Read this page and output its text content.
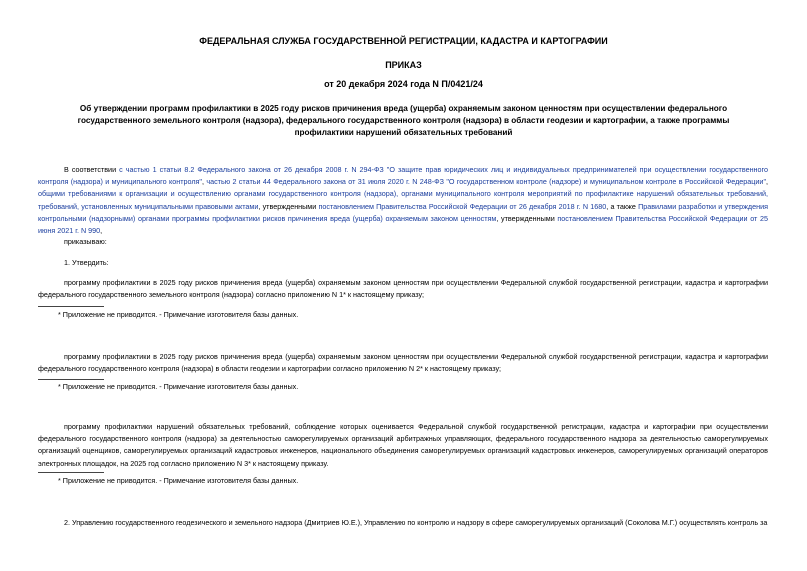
ФЕДЕРАЛЬНАЯ СЛУЖБА ГОСУДАРСТВЕННОЙ РЕГИСТРАЦИИ, КАДАСТРА И КАРТОГРАФИИ
ПРИКАЗ
от 20 декабря 2024 года N П/0421/24
Об утверждении программ профилактики в 2025 году рисков причинения вреда (ущерба) охраняемым законом ценностям при осуществлении федерального
государственного земельного контроля (надзора), федерального государственного контроля (надзора) в области геодезии и картографии, а также программы
профилактики нарушений обязательных требований
В соответствии с частью 1 статьи 8.2 Федерального закона от 26 декабря 2008 г. N 294-ФЗ "О защите прав юридических лиц и индивидуальных предпринимателей при осуществлении государственного контроля (надзора) и муниципального контроля", частью 2 статьи 44 Федерального закона от 31 июля 2020 г. N 248-ФЗ "О государственном контроле (надзоре) и муниципальном контроле в Российской Федерации", общими требованиями к организации и осуществлению органами государственного контроля (надзора), органами муниципального контроля мероприятий по профилактике нарушений обязательных требований, требований, установленных муниципальными правовыми актами, утвержденными постановлением Правительства Российской Федерации от 26 декабря 2018 г. N 1680, а также Правилами разработки и утверждения контрольными (надзорными) органами программы профилактики рисков причинения вреда (ущерба) охраняемым законом ценностям, утвержденными постановлением Правительства Российской Федерации от 25 июня 2021 г. N 990,
приказываю:
1. Утвердить:
программу профилактики в 2025 году рисков причинения вреда (ущерба) охраняемым законом ценностям при осуществлении Федеральной службой государственной регистрации, кадастра и картографии федерального государственного земельного контроля (надзора) согласно приложению N 1* к настоящему приказу;
* Приложение не приводится. - Примечание изготовителя базы данных.
программу профилактики в 2025 году рисков причинения вреда (ущерба) охраняемым законом ценностям при осуществлении Федеральной службой государственной регистрации, кадастра и картографии федерального государственного контроля (надзора) в области геодезии и картографии согласно приложению N 2* к настоящему приказу;
* Приложение не приводится. - Примечание изготовителя базы данных.
программу профилактики нарушений обязательных требований, соблюдение которых оценивается Федеральной службой государственной регистрации, кадастра и картографии при осуществлении федерального государственного контроля (надзора) за деятельностью саморегулируемых организаций арбитражных управляющих, федерального государственного надзора за деятельностью саморегулируемых организаций оценщиков, саморегулируемых организаций кадастровых инженеров, национального объединения саморегулируемых организаций кадастровых инженеров, саморегулируемых организаций операторов электронных площадок, на 2025 год согласно приложению N 3* к настоящему приказу.
* Приложение не приводится. - Примечание изготовителя базы данных.
2. Управлению государственного геодезического и земельного надзора (Дмитриев Ю.Е.), Управлению по контролю и надзору в сфере саморегулируемых организаций (Соколова М.Г.) осуществлять контроль за
